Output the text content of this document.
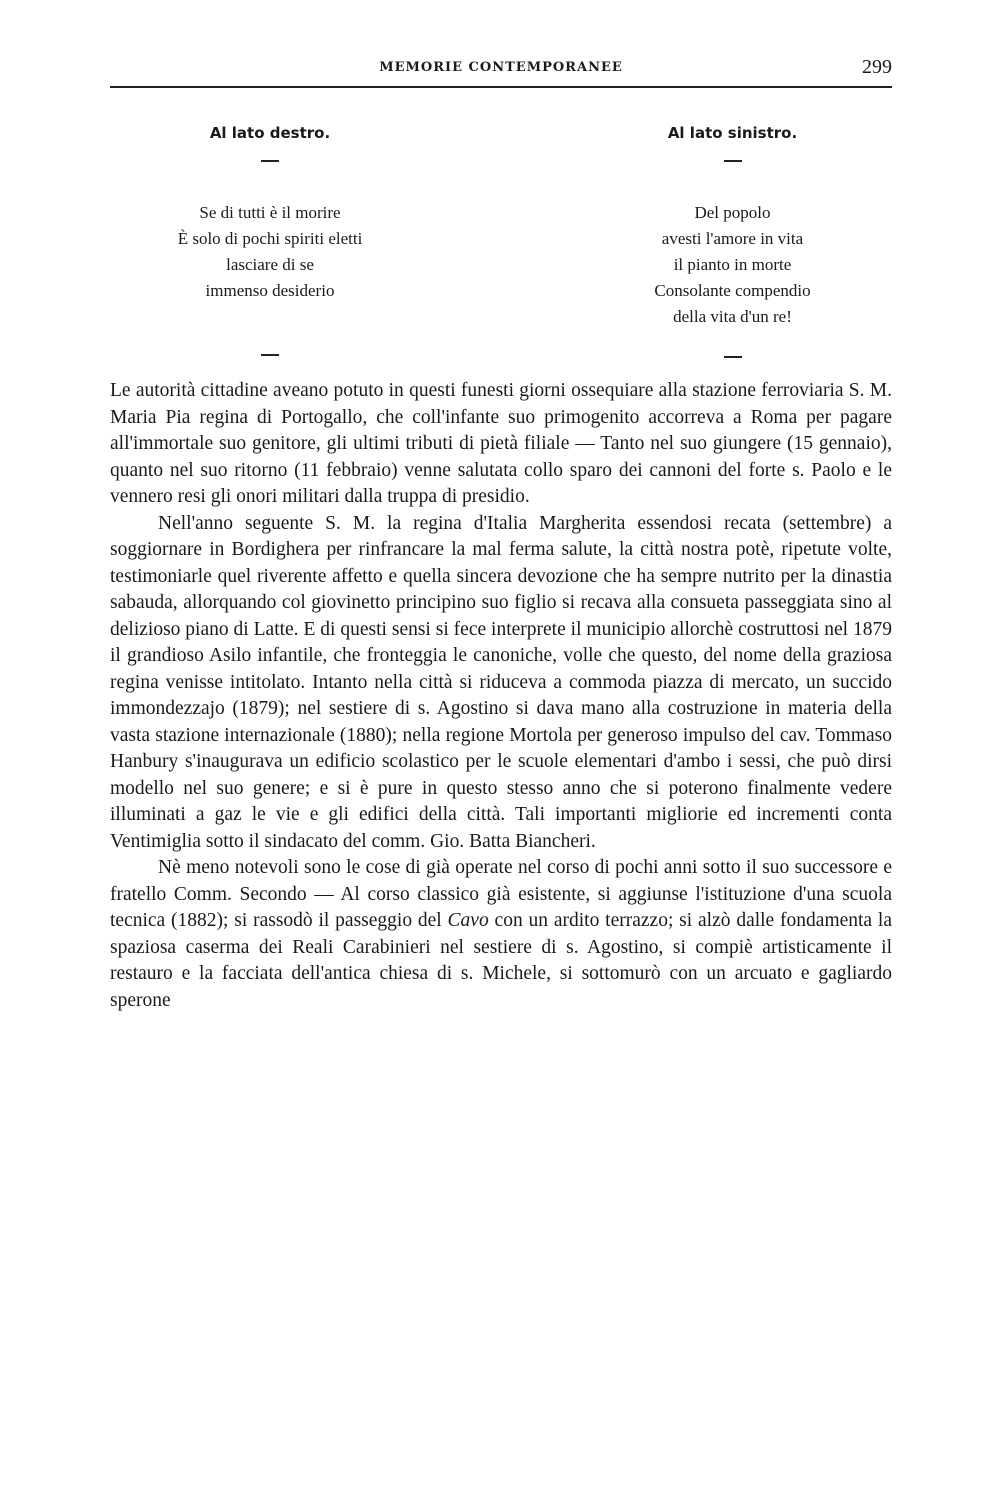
MEMORIE CONTEMPORANEE	299
Al lato destro.
Se di tutti è il morire
È solo di pochi spiriti eletti
lasciare di se
immenso desiderio
Al lato sinistro.
Del popolo
avesti l'amore in vita
il pianto in morte
Consolante compendio
della vita d'un re!

Le autorità cittadine aveano potuto in questi funesti giorni ossequiare alla stazione ferroviaria S. M. Maria Pia regina di Portogallo, che coll'infante suo primogenito accorreva a Roma per pagare all'immortale suo genitore, gli ultimi tributi di pietà filiale — Tanto nel suo giungere (15 gennaio), quanto nel suo ritorno (11 febbraio) venne salutata collo sparo dei cannoni del forte s. Paolo e le vennero resi gli onori militari dalla truppa di presidio.

Nell'anno seguente S. M. la regina d'Italia Margherita essendosi recata (settembre) a soggiornare in Bordighera per rinfrancare la mal ferma salute, la città nostra potè, ripetute volte, testimoniarle quel riverente affetto e quella sincera devozione che ha sempre nutrito per la dinastia sabauda, allorquando col giovinetto principino suo figlio si recava alla consueta passeggiata sino al delizioso piano di Latte. E di questi sensi si fece interprete il municipio allorchè costruttosi nel 1879 il grandioso Asilo infantile, che fronteggia le canoniche, volle che questo, del nome della graziosa regina venisse intitolato. Intanto nella città si riduceva a commoda piazza di mercato, un succido immondezzajo (1879); nel sestiere di s. Agostino si dava mano alla costruzione in materia della vasta stazione internazionale (1880); nella regione Mortola per generoso impulso del cav. Tommaso Hanbury s'inaugurava un edificio scolastico per le scuole elementari d'ambo i sessi, che può dirsi modello nel suo genere; e si è pure in questo stesso anno che si poterono finalmente vedere illuminati a gaz le vie e gli edifici della città. Tali importanti migliorie ed incrementi conta Ventimiglia sotto il sindacato del comm. Gio. Batta Biancheri.

Nè meno notevoli sono le cose di già operate nel corso di pochi anni sotto il suo successore e fratello Comm. Secondo — Al corso classico già esistente, si aggiunse l'istituzione d'una scuola tecnica (1882); si rassodò il passeggio del Cavo con un ardito terrazzo; si alzò dalle fondamenta la spaziosa caserma dei Reali Carabinieri nel sestiere di s. Agostino, si compiè artisticamente il restauro e la facciata dell'antica chiesa di s. Michele, si sottomurò con un arcuato e gagliardo sperone
